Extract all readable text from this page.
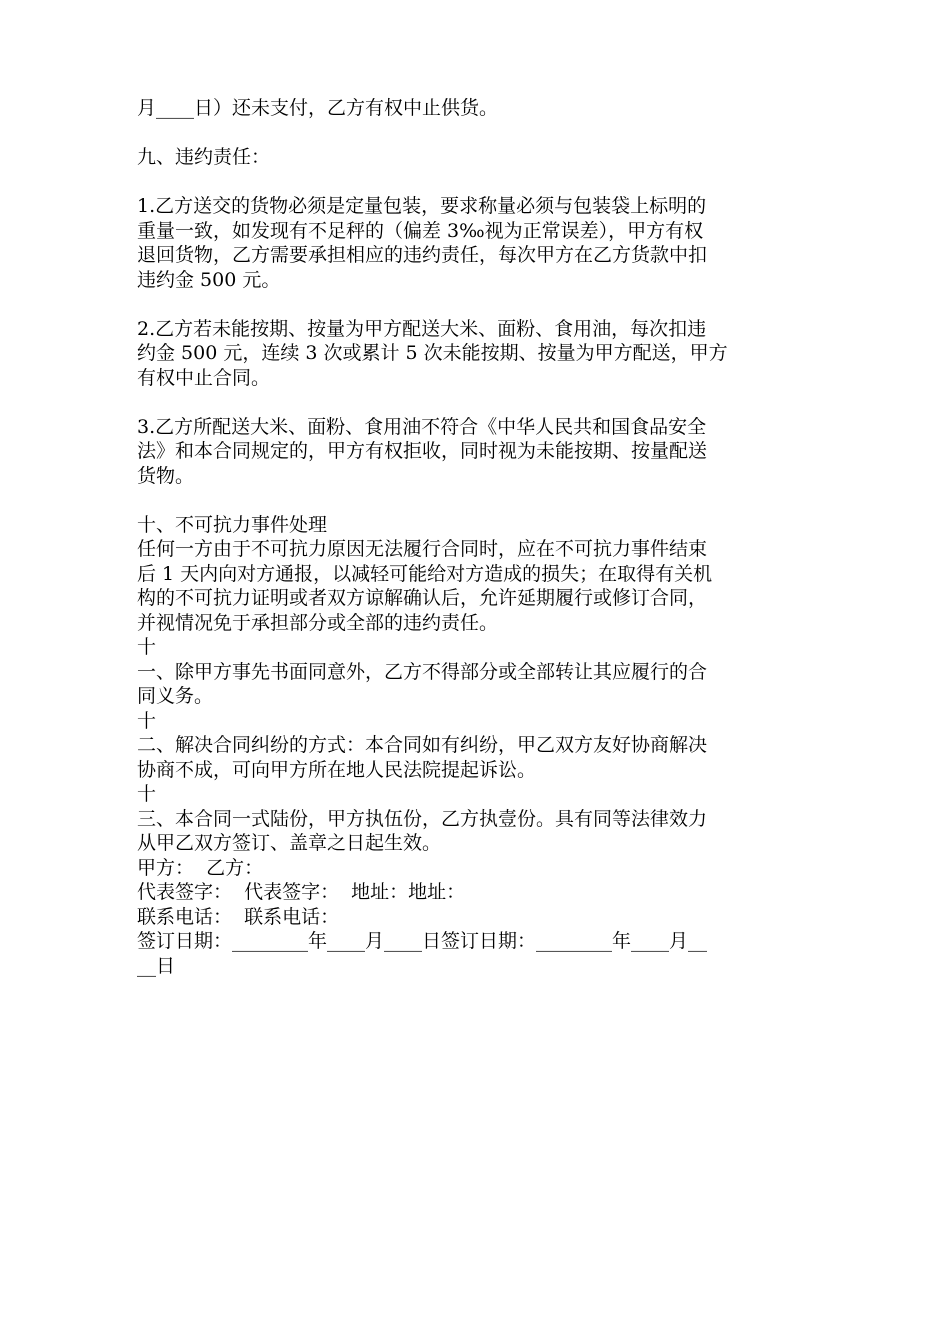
月____日）还未支付，乙方有权中止供货。
九、违约责任：
1.乙方送交的货物必须是定量包装，要求称量必须与包装袋上标明的
重量一致，如发现有不足秤的（偏差 3‰视为正常误差），甲方有权
退回货物，乙方需要承担相应的违约责任，每次甲方在乙方货款中扣
违约金 500 元。
2.乙方若未能按期、按量为甲方配送大米、面粉、食用油，每次扣违
约金 500 元，连续 3 次或累计 5 次未能按期、按量为甲方配送，甲方
有权中止合同。
3.乙方所配送大米、面粉、食用油不符合《中华人民共和国食品安全
法》和本合同规定的，甲方有权拒收，同时视为未能按期、按量配送
货物。
十、不可抗力事件处理
任何一方由于不可抗力原因无法履行合同时，应在不可抗力事件结束
后 1 天内向对方通报，以减轻可能给对方造成的损失；在取得有关机
构的不可抗力证明或者双方谅解确认后，允许延期履行或修订合同，
并视情况免于承担部分或全部的违约责任。
十
一、除甲方事先书面同意外，乙方不得部分或全部转让其应履行的合
同义务。
十
二、解决合同纠纷的方式：本合同如有纠纷，甲乙双方友好协商解决
协商不成，可向甲方所在地人民法院提起诉讼。
十
三、本合同一式陆份，甲方执伍份，乙方执壹份。具有同等法律效力
从甲乙双方签订、盖章之日起生效。
甲方：  乙方：
代表签字：  代表签字：  地址：地址：
联系电话：  联系电话：
签订日期：________年____月____日签订日期：________年____月__
__日
